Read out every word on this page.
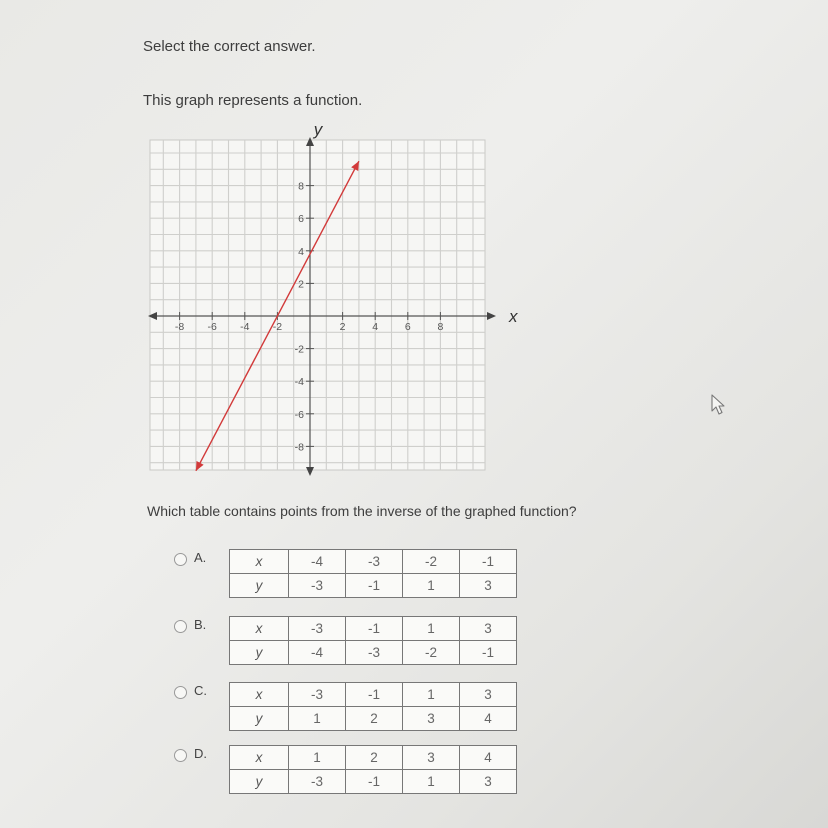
Select the correct answer.
This graph represents a function.
x
y
-8 -6 -4 -2	2	4	6	8
8
6
4
2
-2
-4
-6
-8
Which table contains points from the inverse of the graphed function?
A.	x	-4	-3	-2	-1
y	-3	-1	1	3
B.	x	-3	-1	1	3
y	-4	-3	-2	-1
C.	x	-3	-1	1	3
y	1	2	3	4
D.	x	1	2	3	4
y	-3	-1	1	3
